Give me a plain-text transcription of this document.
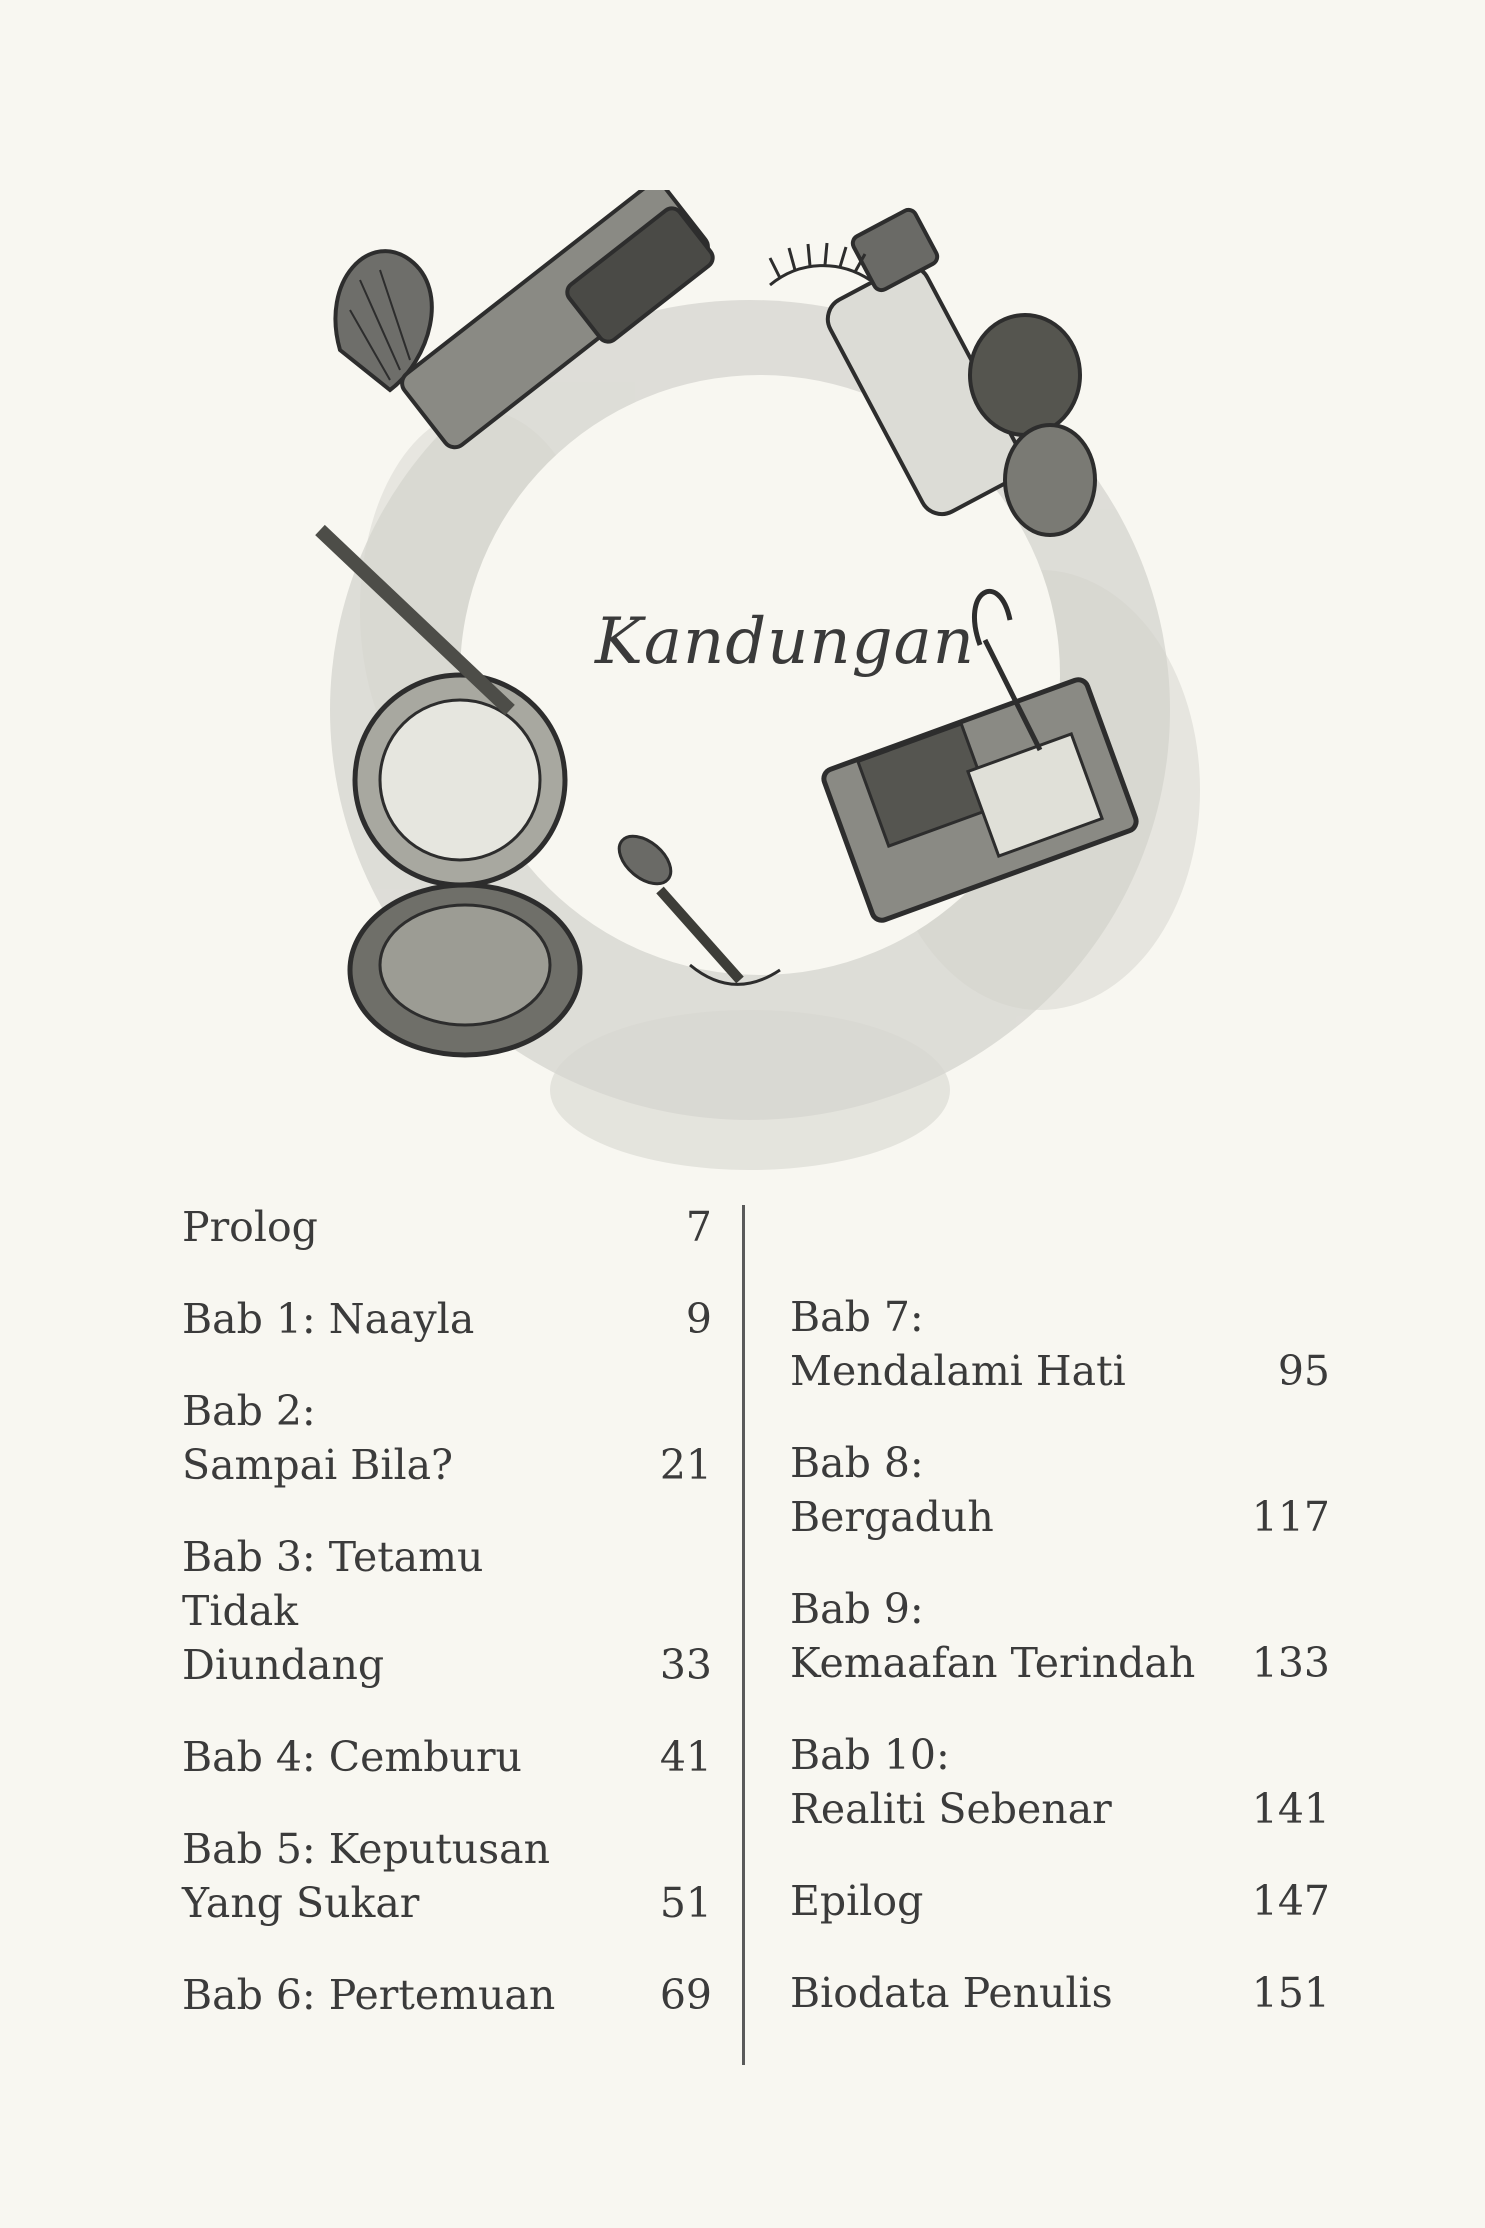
Kandungan
Prolog	7
Bab 1: Naayla	9
Bab 2:
Sampai Bila?	21
Bab 3: Tetamu Tidak
Diundang	33
Bab 4: Cemburu	41
Bab 5: Keputusan
Yang Sukar	51
Bab 6: Pertemuan	69
Bab 7:
Mendalami Hati	95
Bab 8:
Bergaduh	117
Bab 9:
Kemaafan Terindah	133
Bab 10:
Realiti Sebenar	141
Epilog	147
Biodata Penulis	151
